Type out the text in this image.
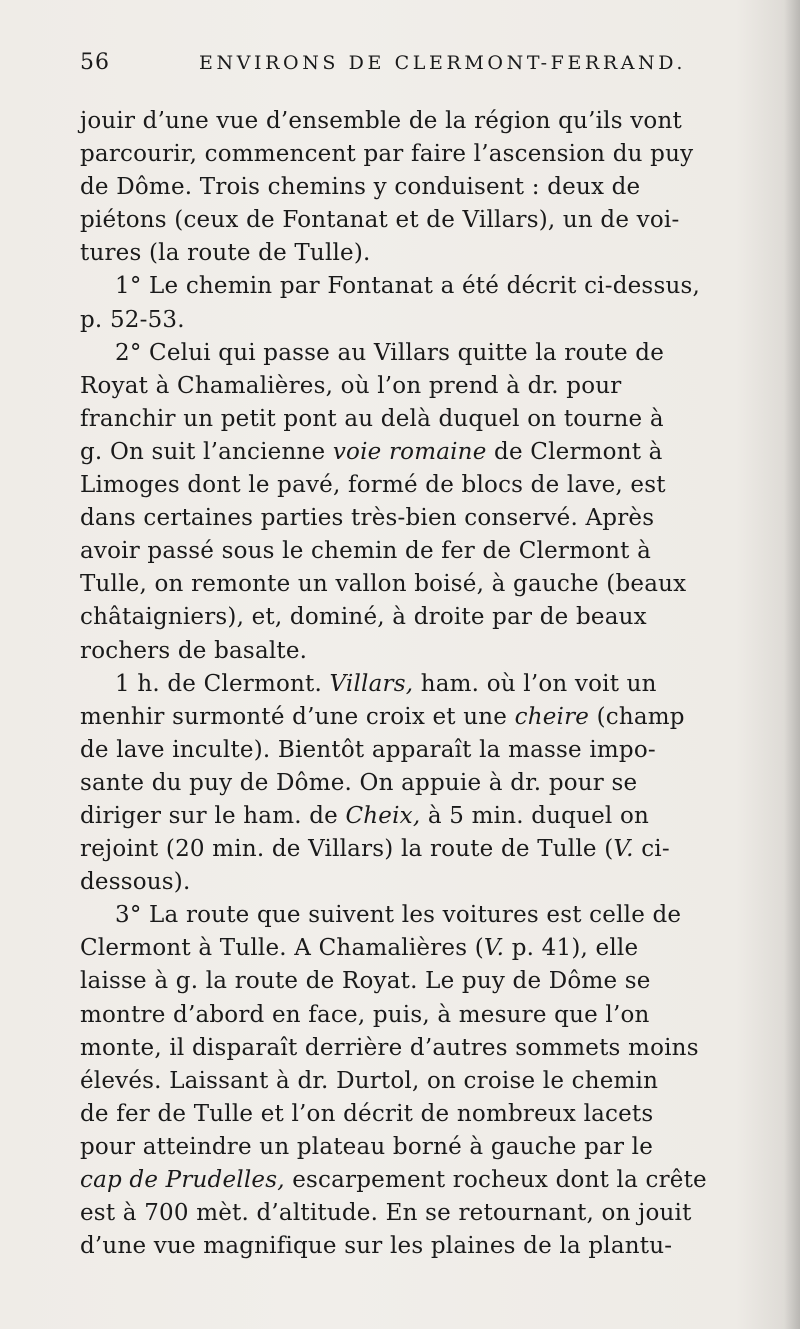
56	ENVIRONS DE CLERMONT-FERRAND.
jouir d’une vue d’ensemble de la région qu’ils vont
parcourir, commencent par faire l’ascension du puy
de Dôme. Trois chemins y conduisent : deux de
piétons (ceux de Fontanat et de Villars), un de voi-
tures (la route de Tulle).
1° Le chemin par Fontanat a été décrit ci-dessus,
p. 52-53.
2° Celui qui passe au Villars quitte la route de
Royat à Chamalières, où l’on prend à dr. pour
franchir un petit pont au delà duquel on tourne à
g. On suit l’ancienne voie romaine de Clermont à
Limoges dont le pavé, formé de blocs de lave, est
dans certaines parties très-bien conservé. Après
avoir passé sous le chemin de fer de Clermont à
Tulle, on remonte un vallon boisé, à gauche (beaux
châtaigniers), et, dominé, à droite par de beaux
rochers de basalte.
1 h. de Clermont. Villars, ham. où l’on voit un
menhir surmonté d’une croix et une cheire (champ
de lave inculte). Bientôt apparaît la masse impo-
sante du puy de Dôme. On appuie à dr. pour se
diriger sur le ham. de Cheix, à 5 min. duquel on
rejoint (20 min. de Villars) la route de Tulle (V. ci-
dessous).
3° La route que suivent les voitures est celle de
Clermont à Tulle. A Chamalières (V. p. 41), elle
laisse à g. la route de Royat. Le puy de Dôme se
montre d’abord en face, puis, à mesure que l’on
monte, il disparaît derrière d’autres sommets moins
élevés. Laissant à dr. Durtol, on croise le chemin
de fer de Tulle et l’on décrit de nombreux lacets
pour atteindre un plateau borné à gauche par le
cap de Prudelles, escarpement rocheux dont la crête
est à 700 mèt. d’altitude. En se retournant, on jouit
d’une vue magnifique sur les plaines de la plantu-
